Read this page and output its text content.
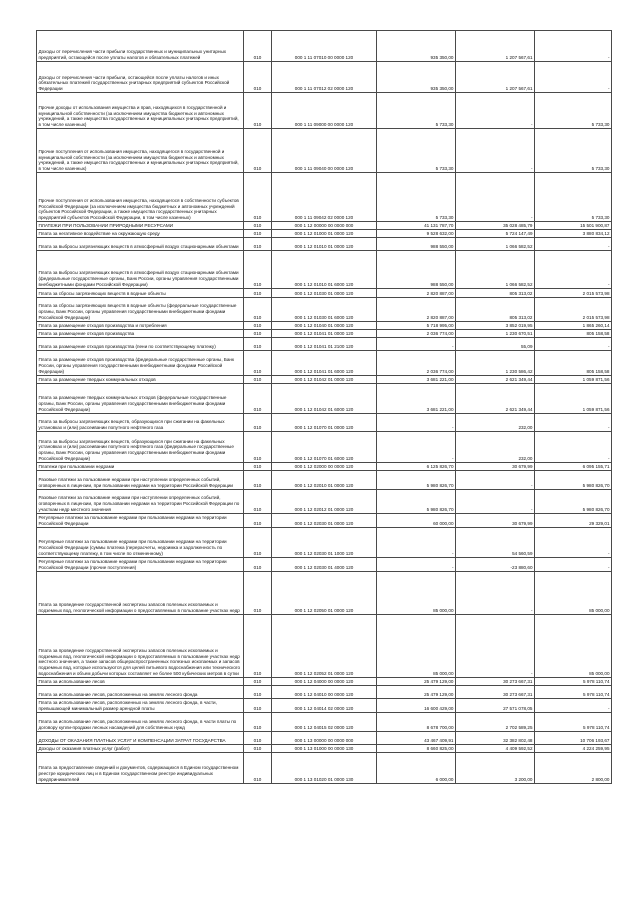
Доходы от перечисления части прибыли государственных и муниципальных унитарных предприятий, остающейся после уплаты налогов и обязательных платежей	010	000 1 11 07010 00 0000 120	935 350,00	1 207 567,61	-
Доходы от перечисления части прибыли, остающейся после уплаты налогов и иных обязательных платежей государственных унитарных предприятий субъектов Российской Федерации	010	000 1 11 07012 02 0000 120	935 350,00	1 207 567,61	-
Прочие доходы от использования имущества и прав, находящихся в государственной и муниципальной собственности (за исключением имущества бюджетных и автономных учреждений, а также имущества государственных и муниципальных унитарных предприятий, в том числе казенных)	010	000 1 11 09000 00 0000 120	5 733,30	-	5 733,30
Прочие поступления от использования имущества, находящегося в государственной и муниципальной собственности (за исключением имущества бюджетных и автономных учреждений, а также имущества государственных и муниципальных унитарных предприятий, в том числе казенных)	010	000 1 11 09040 00 0000 120	5 733,30	-	5 733,30
Прочие поступления от использования имущества, находящегося в собственности субъектов Российской Федерации (за исключением имущества бюджетных и автономных учреждений субъектов Российской Федерации, а также имущества государственных унитарных предприятий субъектов Российской Федерации, в том числе казенных)	010	000 1 11 09042 02 0000 120	5 733,30	-	5 733,30
ПЛАТЕЖИ ПРИ ПОЛЬЗОВАНИИ ПРИРОДНЫМИ РЕСУРСАМИ	010	000 1 12 00000 00 0000 000	41 131 787,70	35 028 485,79	15 501 900,87
Плата за негативное воздействие на окружающую среду	010	000 1 12 01000 01 0000 120	9 528 632,00	5 724 147,49	3 880 834,12
Плата за выбросы загрязняющих веществ в атмосферный воздух стационарными объектами	010	000 1 12 01010 01 0000 120	988 550,00	1 066 582,52	-
Плата за выбросы загрязняющих веществ в атмосферный воздух стационарными объектами (федеральные государственные органы, Банк России, органы управления государственными внебюджетными фондами Российской Федерации)	010	000 1 12 01010 01 6000 120	988 550,00	1 066 582,52	-
Плата за сбросы загрязняющих веществ в водные объекты	010	000 1 12 01030 01 0000 120	2 820 887,00	805 313,02	2 015 573,98
Плата за сбросы загрязняющих веществ в водные объекты (федеральные государственные органы, Банк России, органы управления государственными внебюджетными фондами Российской Федерации)	010	000 1 12 01030 01 6000 120	2 820 887,00	805 313,02	2 015 573,98
Плата за размещение отходов производства и потребления	010	000 1 12 01040 01 0000 120	5 718 995,00	3 852 019,95	1 865 260,14
Плата за размещение отходов производства	010	000 1 12 01041 01 0000 120	2 036 774,00	1 230 670,51	805 158,58
Плата за размещение отходов производства (пени по соответствующему платежу)	010	000 1 12 01041 01 2100 120	-	55,09	-
Плата за размещение отходов производства (федеральные государственные органы, Банк России, органы управления государственными внебюджетными фондами Российской Федерации)	010	000 1 12 01041 01 6000 120	2 036 774,00	1 230 586,42	805 158,58
Плата за размещение твердых коммунальных отходов	010	000 1 12 01042 01 0000 120	3 681 221,00	2 621 349,44	1 059 871,56
Плата за размещение твердых коммунальных отходов (федеральные государственные органы, Банк России, органы управления государственными внебюджетными фондами Российской Федерации)	010	000 1 12 01042 01 6000 120	3 681 221,00	2 621 349,44	1 059 871,56
Плата за выбросы загрязняющих веществ, образующихся при сжигании на факельных установках и (или) рассеивании попутного нефтяного газа	010	000 1 12 01070 01 0000 120	-	232,00	-
Плата за выбросы загрязняющих веществ, образующихся при сжигании на факельных установках и (или) рассеивании попутного нефтяного газа (федеральные государственные органы, Банк России, органы управления государственными внебюджетными фондами Российской Федерации)	010	000 1 12 01070 01 6000 120	-	232,00	-
Платежи при пользовании недрами	010	000 1 12 02000 00 0000 120	6 125 826,70	30 679,99	6 095 155,71
Разовые платежи за пользование недрами при наступлении определенных событий, оговоренных в лицензии, при пользовании недрами на территории Российской Федерации	010	000 1 12 02010 01 0000 120	5 980 826,70	-	5 980 826,70
Разовые платежи за пользование недрами при наступлении определенных событий, оговоренных в лицензии, при пользовании недрами на территории Российской Федерации по участкам недр местного значения	010	000 1 12 02012 01 0000 120	5 980 826,70	-	5 980 826,70
Регулярные платежи за пользование недрами при пользовании недрами на территории Российской Федерации	010	000 1 12 02030 01 0000 120	60 000,00	30 679,99	29 329,01
Регулярные платежи за пользование недрами при пользовании недрами на территории Российской Федерации (суммы платежа (перерасчеты, недоимка и задолженность по соответствующему платежу, в том числе по отмененному)	010	000 1 12 02030 01 1000 120	-	54 560,59	-
Регулярные платежи за пользование недрами при пользовании недрами на территории Российской Федерации (прочие поступления)	010	000 1 12 02030 01 4000 120	-	-23 880,60	-
Плата за проведение государственной экспертизы запасов полезных ископаемых и подземных вод, геологической информации о предоставляемых в пользование участках недр	010	000 1 12 02050 01 0000 120	85 000,00	-	85 000,00
Плата за проведение государственной экспертизы запасов полезных ископаемых и подземных вод, геологической информации о предоставляемых в пользование участках недр местного значения, а также запасов общераспространенных полезных ископаемых и запасов подземных вод, которые используются для целей питьевого водоснабжения или технического водоснабжения и объем добычи которых составляет не более 500 кубических метров в сутки	010	000 1 12 02052 01 0000 120	85 000,00	-	85 000,00
Плата за использование лесов	010	000 1 12 04000 00 0000 120	25 479 129,00	30 273 667,31	5 978 110,74
Плата за использование лесов, расположенных на землях лесного фонда	010	000 1 12 04010 00 0000 120	25 479 129,00	30 273 667,31	5 978 110,74
Плата за использование лесов, расположенных на землях лесного фонда, в части, превышающей минимальный размер арендной платы	010	000 1 12 04014 02 0000 120	16 600 429,00	27 571 078,05	-
Плата за использование лесов, расположенных на землях лесного фонда, в части платы по договору купли-продажи лесных насаждений для собственных нужд	010	000 1 12 04015 02 0000 120	8 678 700,00	2 702 589,25	5 978 110,74
ДОХОДЫ ОТ ОКАЗАНИЯ ПЛАТНЫХ УСЛУГ И КОМПЕНСАЦИИ ЗАТРАТ ГОСУДАРСТВА	010	000 1 13 00000 00 0000 000	43 467 409,91	32 382 802,48	10 706 193,67
Доходы от оказания платных услуг (работ)	010	000 1 13 01000 00 0000 130	8 660 825,00	4 409 592,52	4 224 259,95
Плата за предоставление сведений и документов, содержащихся в Едином государственном реестре юридических лиц и в Едином государственном реестре индивидуальных предпринимателей	010	000 1 13 01020 01 0000 130	6 000,00	3 200,00	2 800,00
